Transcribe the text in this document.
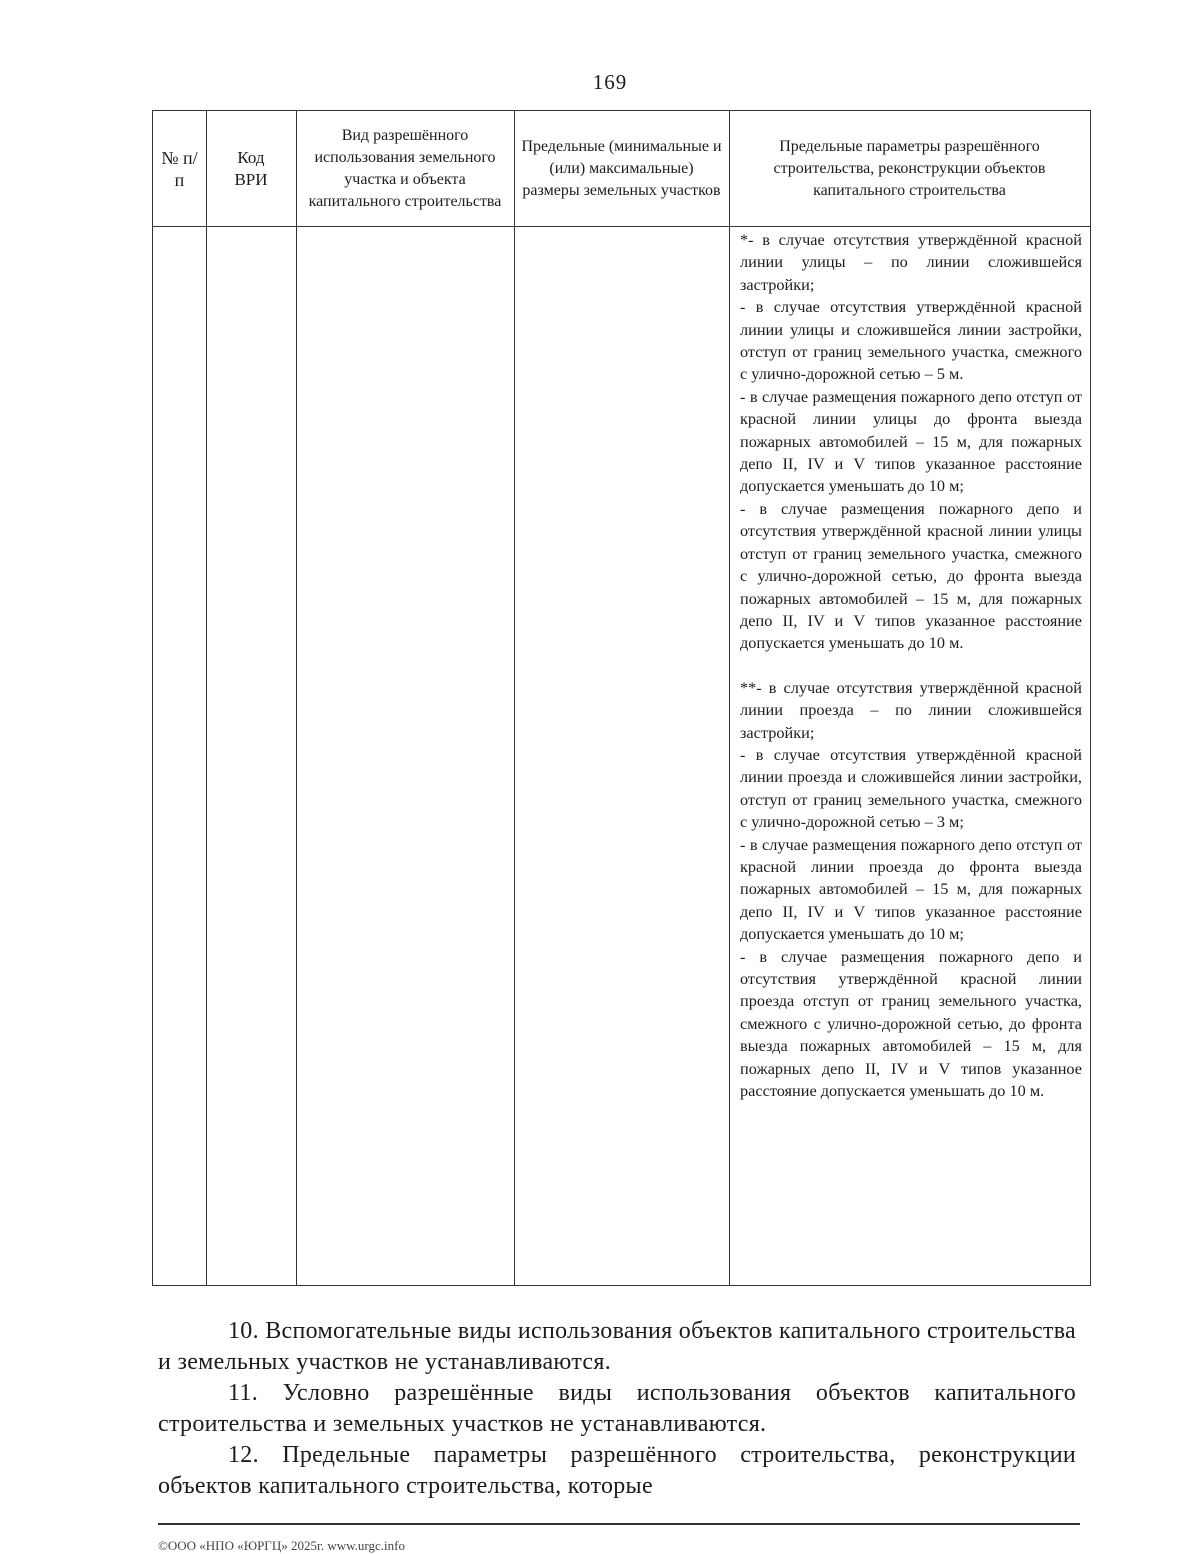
169
№ п/п
Код ВРИ
Вид разрешённого использования земельного участка и объекта капитального строительства
Предельные (минимальные и (или) максимальные) размеры земельных участков
Предельные параметры разрешённого строительства, реконструкции объектов капитального строительства

*- в случае отсутствия утверждённой красной линии улицы – по линии сложившейся застройки;

- в случае отсутствия утверждённой красной линии улицы и сложившейся линии застройки, отступ от границ земельного участка, смежного с улично-дорожной сетью – 5 м.

- в случае размещения пожарного депо отступ от красной линии улицы до фронта выезда пожарных автомобилей – 15 м, для пожарных депо II, IV и V типов указанное расстояние допускается уменьшать до 10 м;

- в случае размещения пожарного депо и отсутствия утверждённой красной линии улицы отступ от границ земельного участка, смежного с улично-дорожной сетью, до фронта выезда пожарных автомобилей – 15 м, для пожарных депо II, IV и V типов указанное расстояние допускается уменьшать до 10 м.

**- в случае отсутствия утверждённой красной линии проезда – по линии сложившейся застройки;

- в случае отсутствия утверждённой красной линии проезда и сложившейся линии застройки, отступ от границ земельного участка, смежного с улично-дорожной сетью – 3 м;

- в случае размещения пожарного депо отступ от красной линии проезда до фронта выезда пожарных автомобилей – 15 м, для пожарных депо II, IV и V типов указанное расстояние допускается уменьшать до 10 м;

- в случае размещения пожарного депо и отсутствия утверждённой красной линии проезда отступ от границ земельного участка, смежного с улично-дорожной сетью, до фронта выезда пожарных автомобилей – 15 м, для пожарных депо II, IV и V типов указанное расстояние допускается уменьшать до 10 м.

10. Вспомогательные виды использования объектов капитального строительства и земельных участков не устанавливаются.

11. Условно разрешённые виды использования объектов капитального строительства и земельных участков не устанавливаются.

12. Предельные параметры разрешённого строительства, реконструкции объектов капитального строительства, которые

©ООО «НПО «ЮРГЦ» 2025г. www.urgc.info
